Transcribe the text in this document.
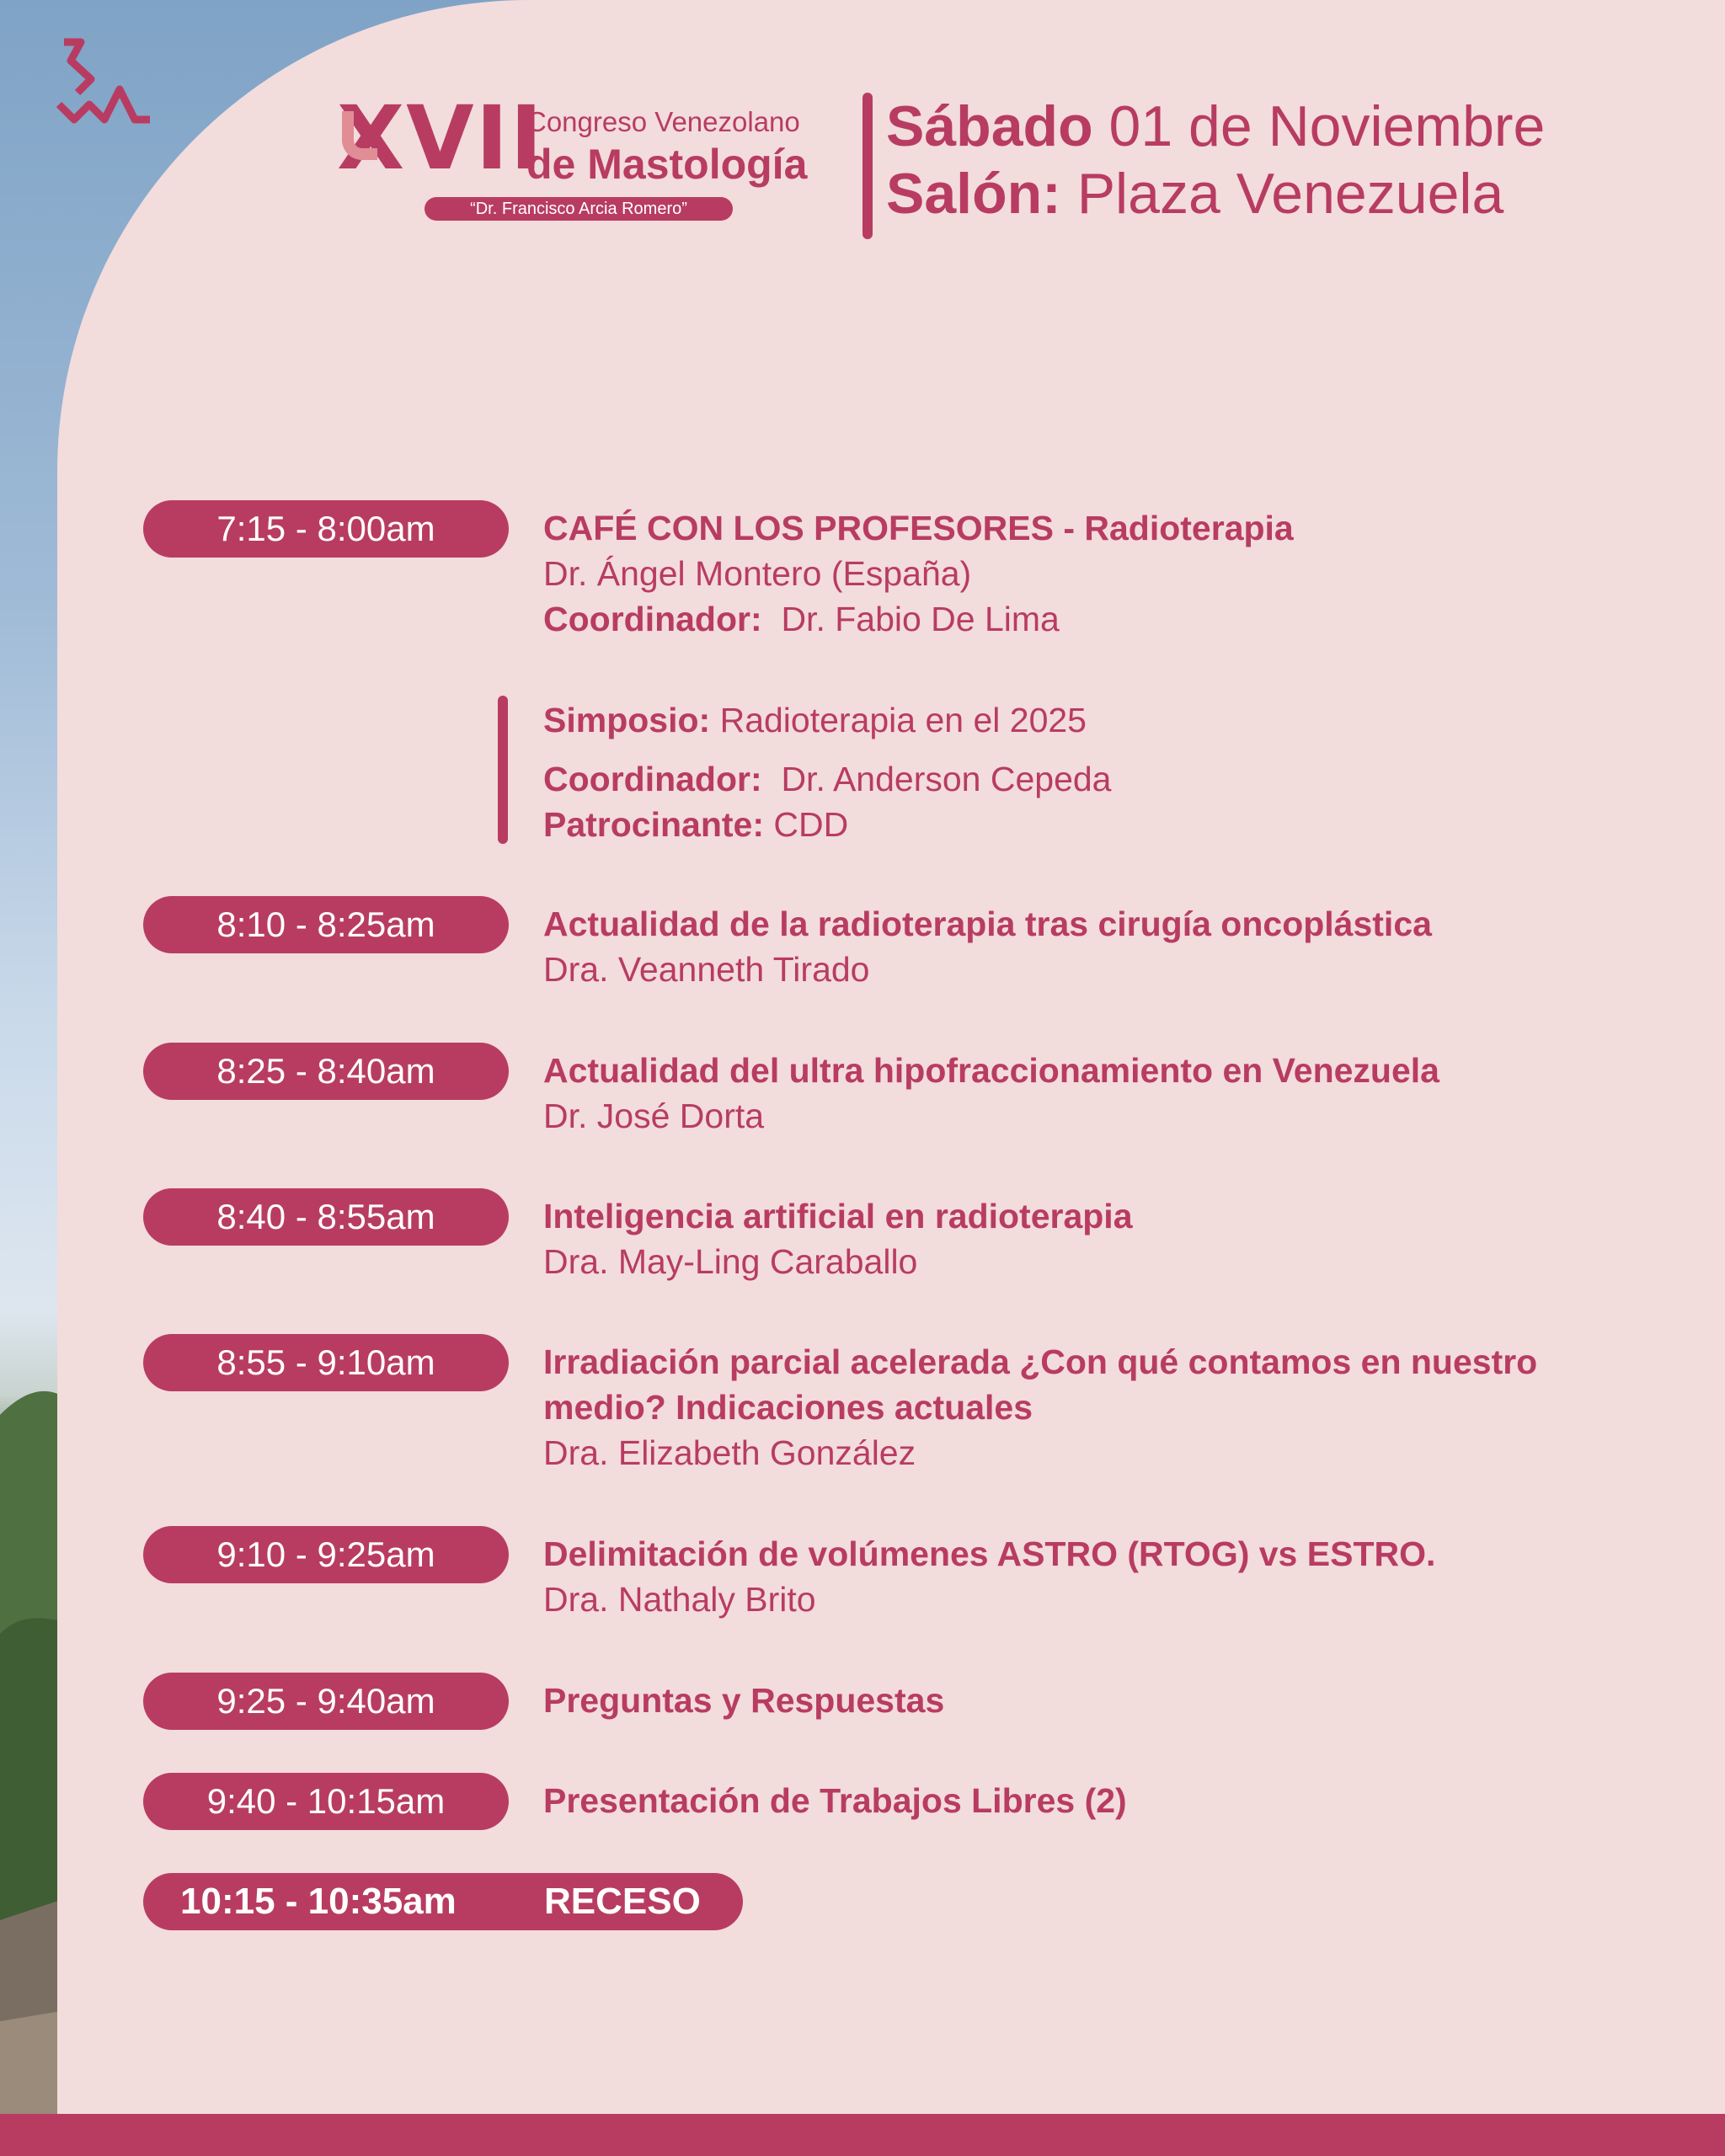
XVII
Congreso Venezolano
de Mastología
“Dr. Francisco Arcia Romero”
Sábado 01 de Noviembre
Salón: Plaza Venezuela
7:15 - 8:00am	CAFÉ CON LOS PROFESORES - Radioterapia
Dr. Ángel Montero (España)
Coordinador: Dr. Fabio De Lima
Simposio: Radioterapia en el 2025
Coordinador: Dr. Anderson Cepeda
Patrocinante: CDD
8:10 - 8:25am	Actualidad de la radioterapia tras cirugía oncoplástica
Dra. Veanneth Tirado
8:25 - 8:40am	Actualidad del ultra hipofraccionamiento en Venezuela
Dr. José Dorta
8:40 - 8:55am	Inteligencia artificial en radioterapia
Dra. May-Ling Caraballo
8:55 - 9:10am	Irradiación parcial acelerada ¿Con qué contamos en nuestro
medio? Indicaciones actuales
Dra. Elizabeth González
9:10 - 9:25am	Delimitación de volúmenes ASTRO (RTOG) vs ESTRO.
Dra. Nathaly Brito
9:25 - 9:40am	Preguntas y Respuestas
9:40 - 10:15am	Presentación de Trabajos Libres (2)
10:15 - 10:35am RECESO
